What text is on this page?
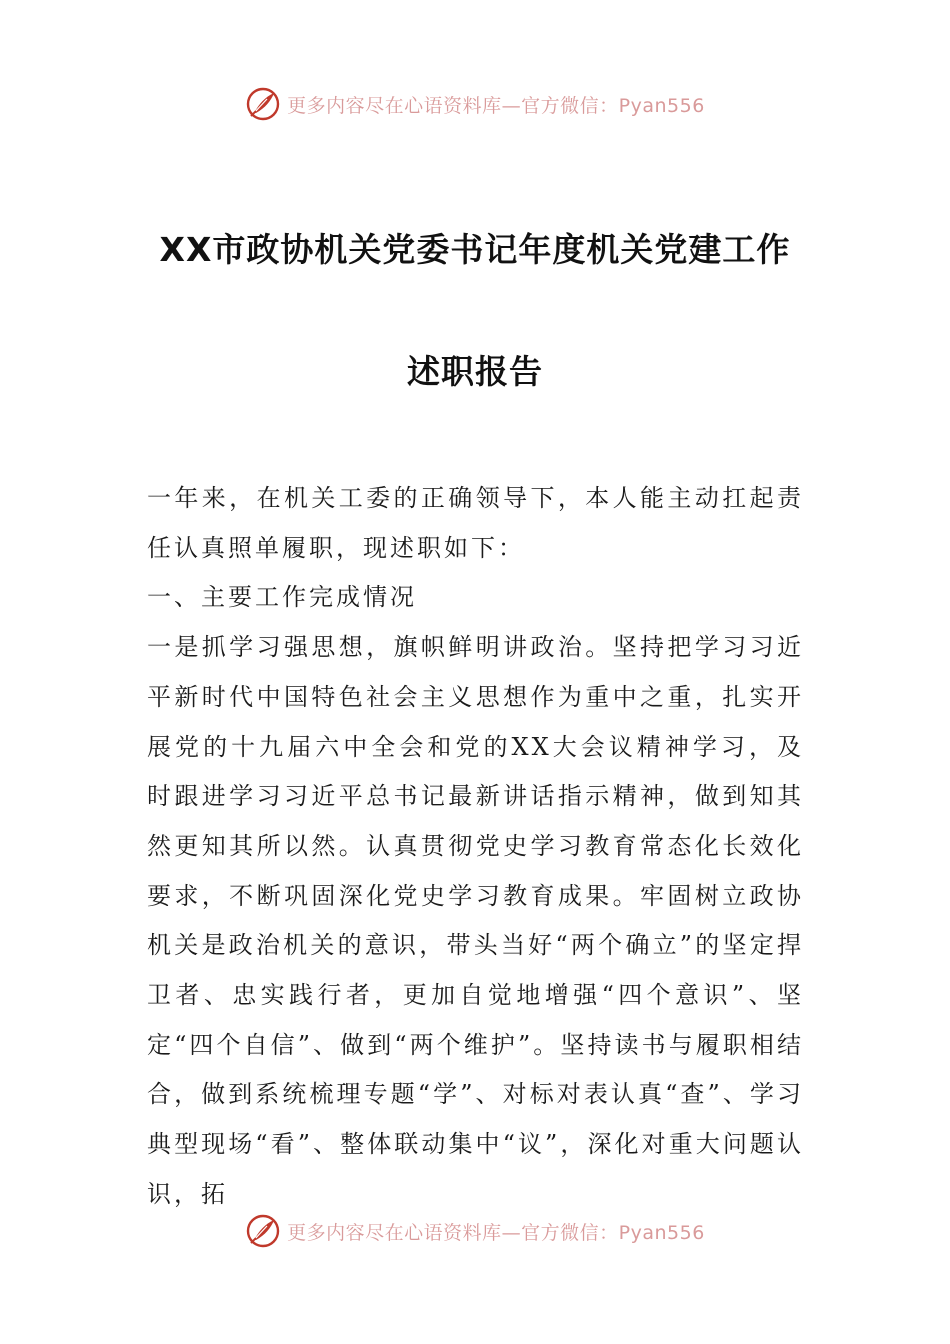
更多内容尽在心语资料库—官方微信：Pyan556
XX市政协机关党委书记年度机关党建工作
述职报告

一年来，在机关工委的正确领导下，本人能主动扛起责任认真照单履职，现述职如下：

一、主要工作完成情况

一是抓学习强思想，旗帜鲜明讲政治。坚持把学习习近平新时代中国特色社会主义思想作为重中之重，扎实开展党的十九届六中全会和党的XX大会议精神学习，及时跟进学习习近平总书记最新讲话指示精神，做到知其然更知其所以然。认真贯彻党史学习教育常态化长效化要求，不断巩固深化党史学习教育成果。牢固树立政协机关是政治机关的意识，带头当好“两个确立”的坚定捍卫者、忠实践行者，更加自觉地增强“四个意识”、坚定“四个自信”、做到“两个维护”。坚持读书与履职相结合，做到系统梳理专题“学”、对标对表认真“查”、学习典型现场“看”、整体联动集中“议”，深化对重大问题认识，拓

更多内容尽在心语资料库—官方微信：Pyan556
